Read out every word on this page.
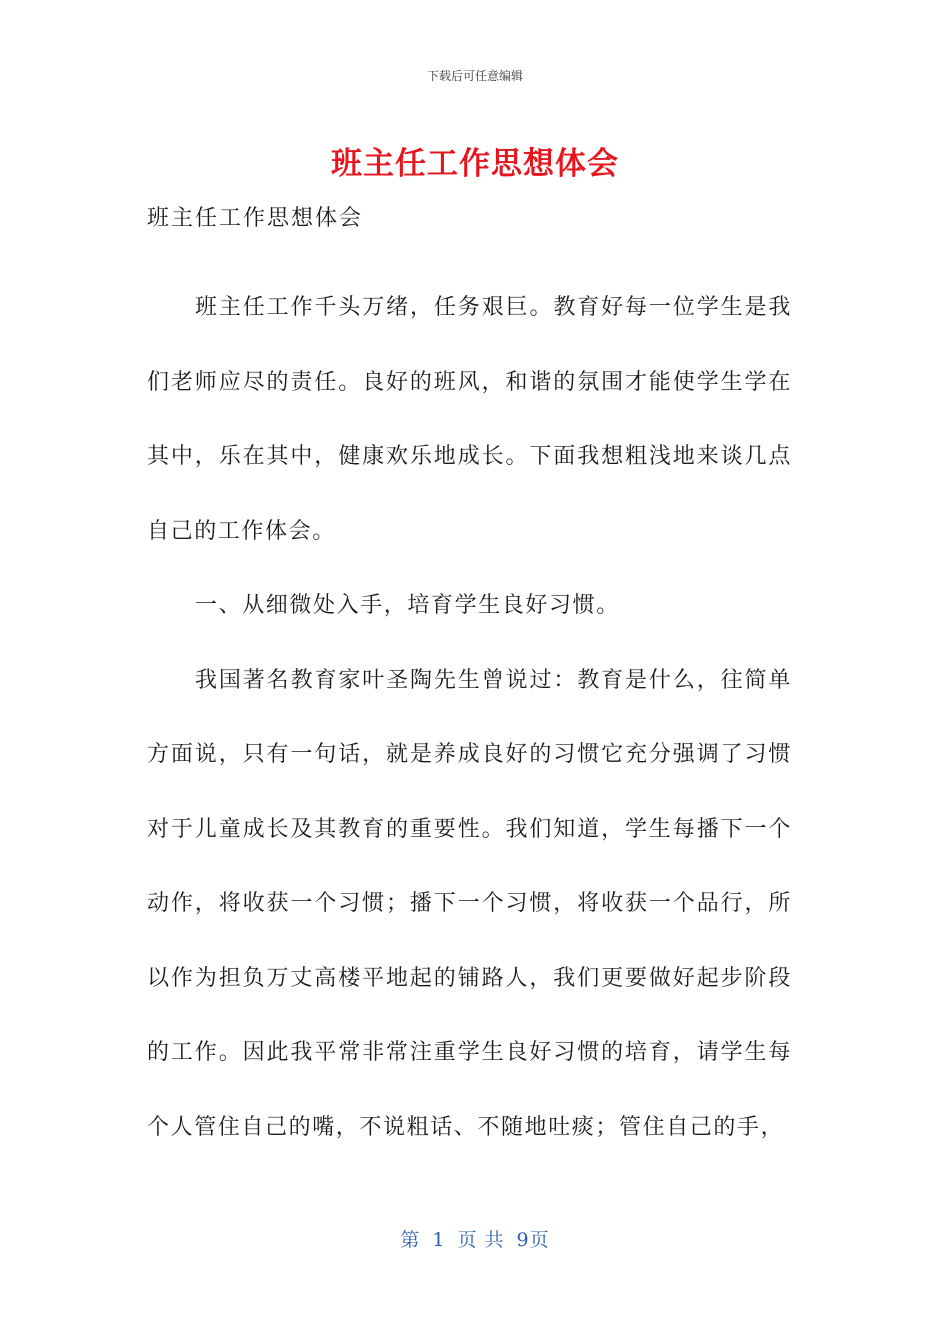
下载后可任意编辑
班主任工作思想体会

班主任工作思想体会

班主任工作千头万绪，任务艰巨。教育好每一位学生是我们老师应尽的责任。良好的班风，和谐的氛围才能使学生学在其中，乐在其中，健康欢乐地成长。下面我想粗浅地来谈几点自己的工作体会。

一、从细微处入手，培育学生良好习惯。

我国著名教育家叶圣陶先生曾说过：教育是什么，往简单方面说，只有一句话，就是养成良好的习惯它充分强调了习惯对于儿童成长及其教育的重要性。我们知道，学生每播下一个动作，将收获一个习惯；播下一个习惯，将收获一个品行，所以作为担负万丈高楼平地起的铺路人，我们更要做好起步阶段的工作。因此我平常非常注重学生良好习惯的培育，请学生每个人管住自己的嘴，不说粗话、不随地吐痰；管住自己的手，

第 1 页 共 9页
